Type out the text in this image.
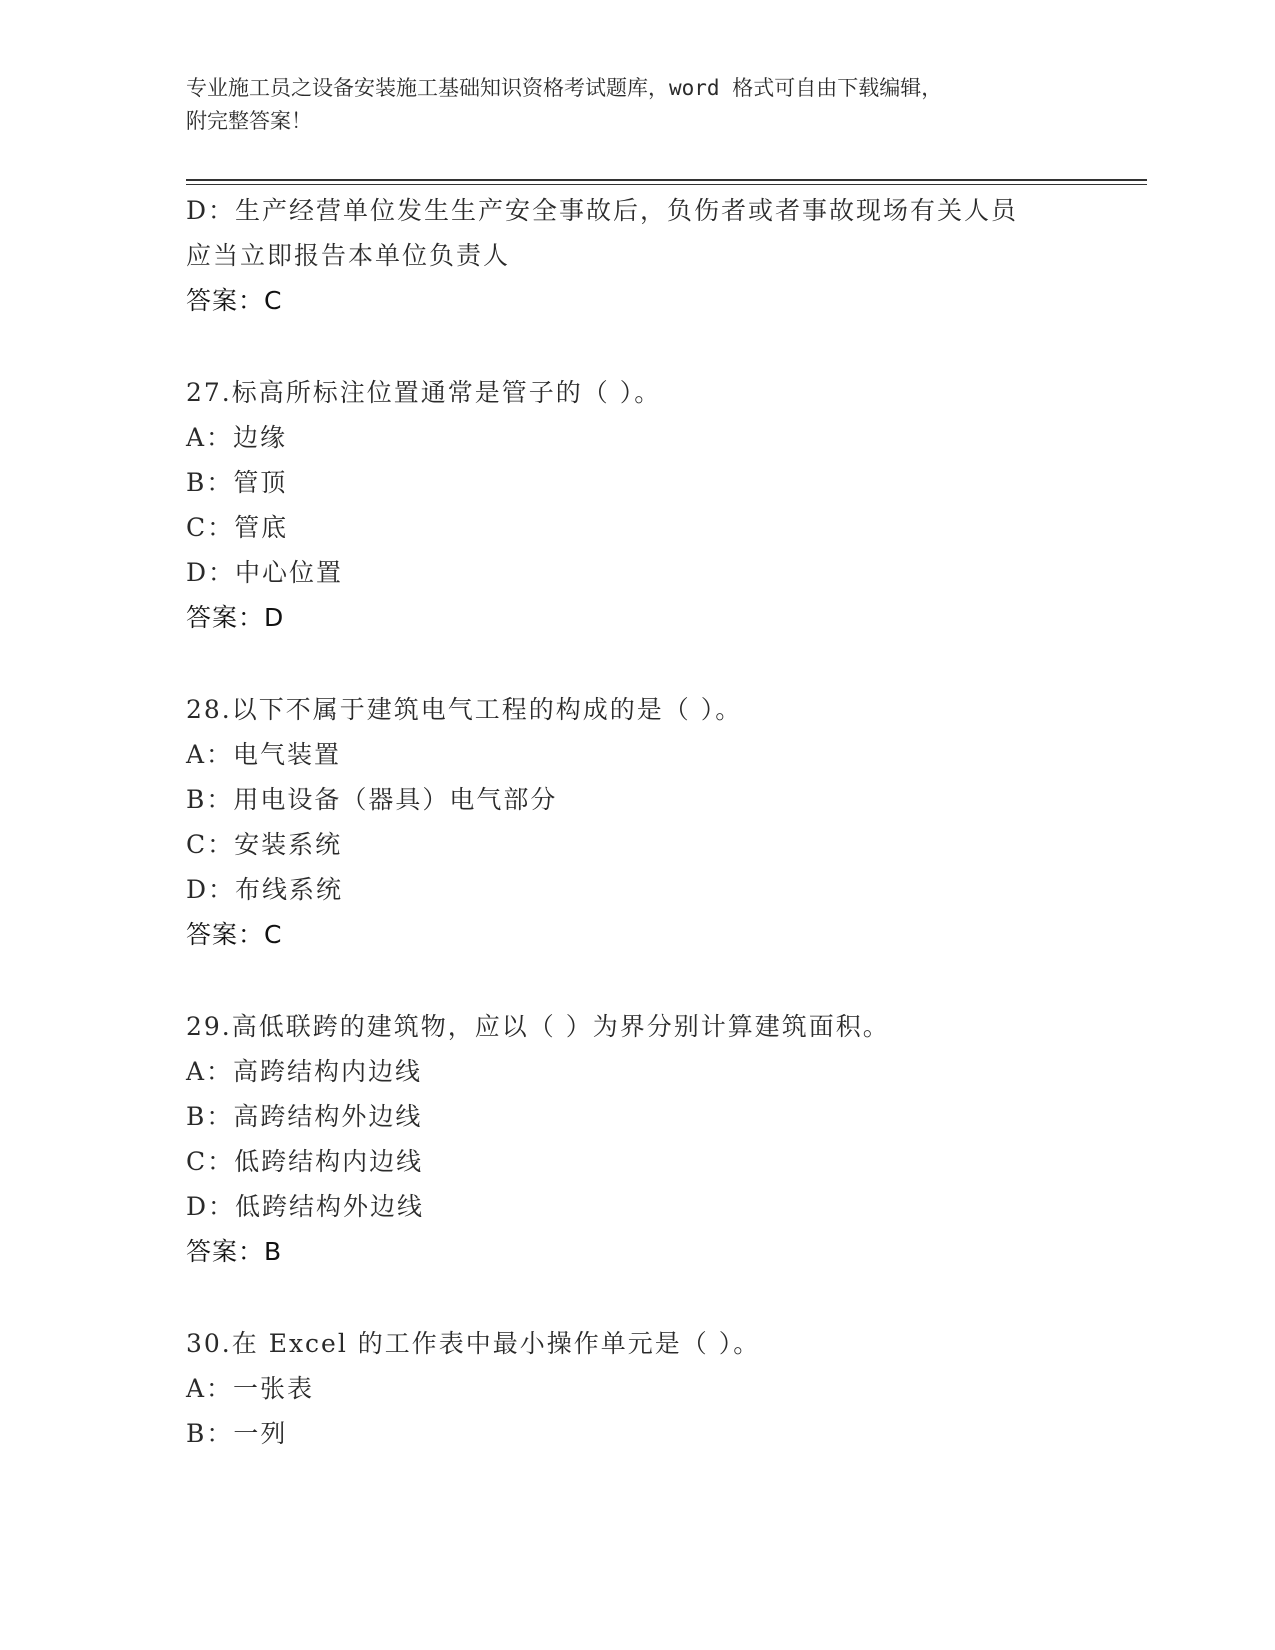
专业施工员之设备安装施工基础知识资格考试题库，word 格式可自由下载编辑，
附完整答案！
D：生产经营单位发生生产安全事故后，负伤者或者事故现场有关人员
应当立即报告本单位负责人
答案：C
27.标高所标注位置通常是管子的（ ）。
A：边缘
B：管顶
C：管底
D：中心位置
答案：D
28.以下不属于建筑电气工程的构成的是（ ）。
A：电气装置
B：用电设备（器具）电气部分
C：安装系统
D：布线系统
答案：C
29.高低联跨的建筑物，应以（ ）为界分别计算建筑面积。
A：高跨结构内边线
B：高跨结构外边线
C：低跨结构内边线
D：低跨结构外边线
答案：B
30.在 Excel 的工作表中最小操作单元是（ ）。
A：一张表
B：一列
